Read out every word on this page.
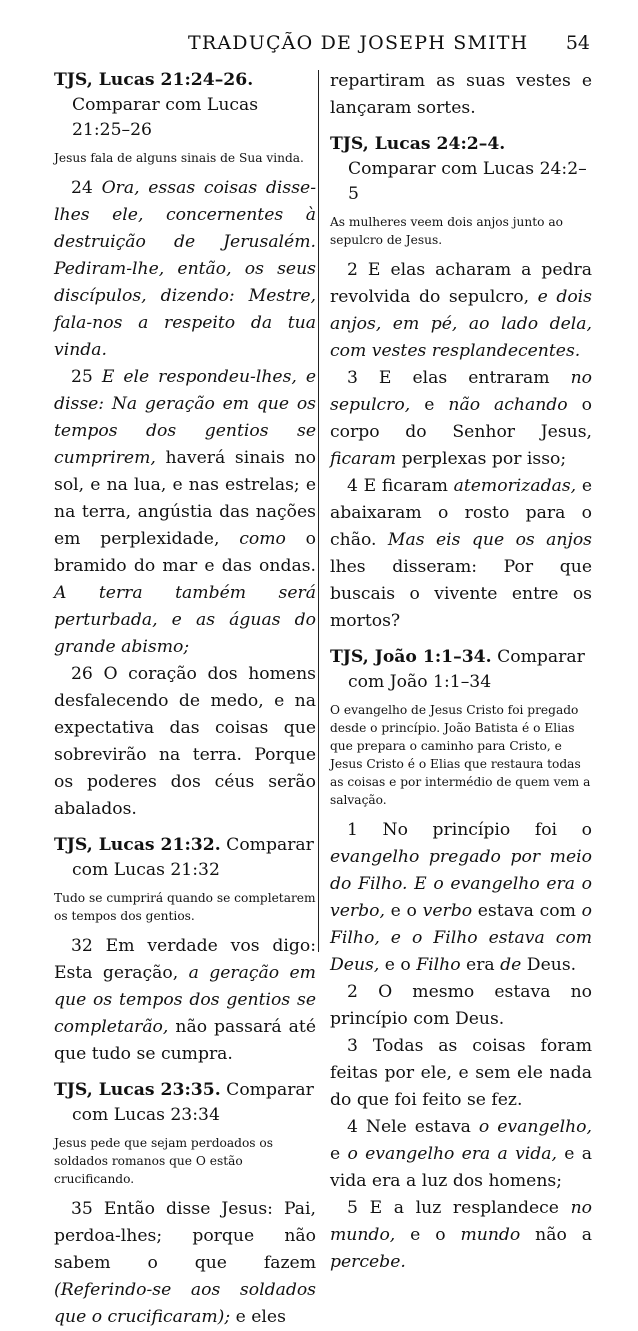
TRADUÇÃO DE JOSEPH SMITH 54

TJS, Lucas 21:24–26. Comparar com Lucas 21:25–26

Jesus fala de alguns sinais de Sua vinda.

24 Ora, essas coisas disse-lhes ele, concernentes à destruição de Jerusalém. Pediram-lhe, então, os seus discípulos, dizendo: Mestre, fala-nos a respeito da tua vinda.

25 E ele respondeu-lhes, e disse: Na geração em que os tempos dos gentios se cumprirem, haverá sinais no sol, e na lua, e nas estrelas; e na terra, angústia das nações em perplexidade, como o bramido do mar e das ondas. A terra também será perturbada, e as águas do grande abismo;

26 O coração dos homens desfalecendo de medo, e na expectativa das coisas que sobrevirão na terra. Porque os poderes dos céus serão abalados.

TJS, Lucas 21:32. Comparar com Lucas 21:32

Tudo se cumprirá quando se completarem os tempos dos gentios.

32 Em verdade vos digo: Esta geração, a geração em que os tempos dos gentios se completarão, não passará até que tudo se cumpra.

TJS, Lucas 23:35. Comparar com Lucas 23:34

Jesus pede que sejam perdoados os soldados romanos que O estão crucificando.

35 Então disse Jesus: Pai, perdoa-lhes; porque não sabem o que fazem (Referindo-se aos soldados que o crucificaram); e eles

repartiram as suas vestes e lançaram sortes.

TJS, Lucas 24:2–4. Comparar com Lucas 24:2–5

As mulheres veem dois anjos junto ao sepulcro de Jesus.

2 E elas acharam a pedra revolvida do sepulcro, e dois anjos, em pé, ao lado dela, com vestes resplandecentes.

3 E elas entraram no sepulcro, e não achando o corpo do Senhor Jesus, ficaram perplexas por isso;

4 E ficaram atemorizadas, e abaixaram o rosto para o chão. Mas eis que os anjos lhes disseram: Por que buscais o vivente entre os mortos?

TJS, João 1:1–34. Comparar com João 1:1–34

O evangelho de Jesus Cristo foi pregado desde o princípio. João Batista é o Elias que prepara o caminho para Cristo, e Jesus Cristo é o Elias que restaura todas as coisas e por intermédio de quem vem a salvação.

1 No princípio foi o evangelho pregado por meio do Filho. E o evangelho era o verbo, e o verbo estava com o Filho, e o Filho estava com Deus, e o Filho era de Deus.

2 O mesmo estava no princípio com Deus.

3 Todas as coisas foram feitas por ele, e sem ele nada do que foi feito se fez.

4 Nele estava o evangelho, e o evangelho era a vida, e a vida era a luz dos homens;

5 E a luz resplandece no mundo, e o mundo não a percebe.
